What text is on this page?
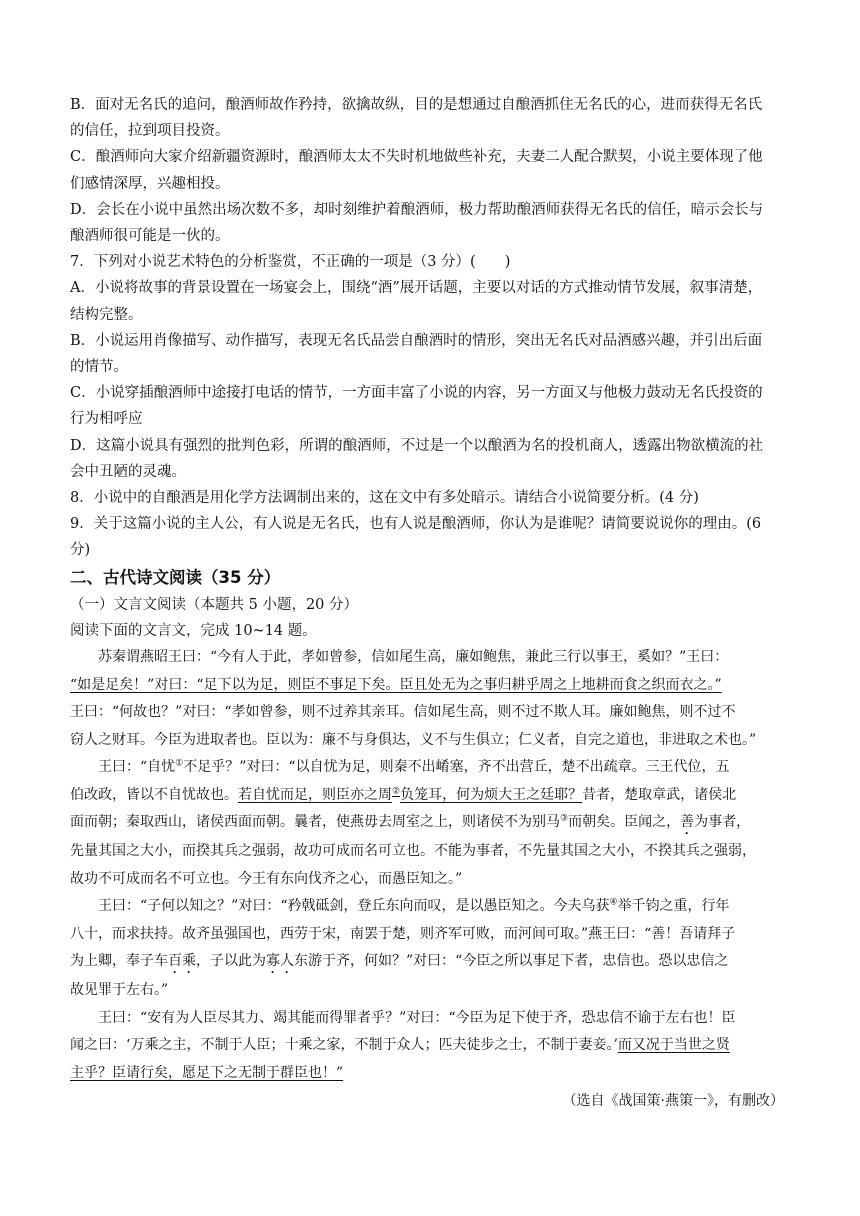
B．面对无名氏的追问，酿酒师故作矜持，欲擒故纵，目的是想通过自酿酒抓住无名氏的心，进而获得无名氏

的信任，拉到项目投资。

C．酿酒师向大家介绍新疆资源时，酿酒师太太不失时机地做些补充，夫妻二人配合默契，小说主要体现了他

们感情深厚，兴趣相投。

D．会长在小说中虽然出场次数不多，却时刻维护着酿酒师，极力帮助酿酒师获得无名氏的信任，暗示会长与

酿酒师很可能是一伙的。

7．下列对小说艺术特色的分析鉴赏，不正确的一项是（3 分）(　　)

A．小说将故事的背景设置在一场宴会上，围绕“酒”展开话题，主要以对话的方式推动情节发展，叙事清楚，

结构完整。

B．小说运用肖像描写、动作描写，表现无名氏品尝自酿酒时的情形，突出无名氏对品酒感兴趣，并引出后面

的情节。

C．小说穿插酿酒师中途接打电话的情节，一方面丰富了小说的内容，另一方面又与他极力鼓动无名氏投资的

行为相呼应

D．这篇小说具有强烈的批判色彩，所谓的酿酒师，不过是一个以酿酒为名的投机商人，透露出物欲横流的社

会中丑陋的灵魂。

8．小说中的自酿酒是用化学方法调制出来的，这在文中有多处暗示。请结合小说简要分析。(4 分)

9．关于这篇小说的主人公，有人说是无名氏，也有人说是酿酒师，你认为是谁呢？请简要说说你的理由。(6

分)

二、古代诗文阅读（35 分）

（一）文言文阅读（本题共 5 小题，20 分）

阅读下面的文言文，完成 10~14 题。

苏秦谓燕昭王曰：“今有人于此，孝如曾参，信如尾生高，廉如鲍焦，兼此三行以事王，奚如？”王曰：

“如是足矣！”对曰：“足下以为足，则臣不事足下矣。臣且处无为之事归耕乎周之上地耕而食之织而衣之。”

王曰：“何故也？”对曰：“孝如曾参，则不过养其亲耳。信如尾生高，则不过不欺人耳。廉如鲍焦，则不过不

窃人之财耳。今臣为进取者也。臣以为：廉不与身俱达，义不与生俱立；仁义者，自完之道也，非进取之术也。”

王曰：“自忧①不足乎？”对曰：“以自忧为足，则秦不出崤塞，齐不出营丘，楚不出疏章。三王代位，五

伯改政，皆以不自忧故也。若自忧而足，则臣亦之周②负笼耳，何为烦大王之廷耶？昔者，楚取章武，诸侯北

面而朝；秦取西山，诸侯西面而朝。曩者，使燕毋去周室之上，则诸侯不为别马③而朝矣。臣闻之，善为事者，

先量其国之大小，而揆其兵之强弱，故功可成而名可立也。不能为事者，不先量其国之大小，不揆其兵之强弱，

故功不可成而名不可立也。今王有东向伐齐之心，而愚臣知之。”

王曰：“子何以知之？”对曰：“矜戟砥剑，登丘东向而叹，是以愚臣知之。今夫乌获④举千钧之重，行年

八十，而求扶持。故齐虽强国也，西劳于宋，南罢于楚，则齐军可败，而河间可取。”燕王曰：“善！吾请拜子

为上卿，奉子车百乘，子以此为寡人东游于齐，何如？”对曰：“今臣之所以事足下者，忠信也。恐以忠信之

故见罪于左右。”

王曰：“安有为人臣尽其力、竭其能而得罪者乎？”对曰：“今臣为足下使于齐，恐忠信不谕于左右也！臣

闻之曰：‘万乘之主，不制于人臣；十乘之家，不制于众人；匹夫徒步之士，不制于妻妾。’而又况于当世之贤

主乎？臣请行矣，愿足下之无制于群臣也！”

（选自《战国策·燕策一》，有删改）
